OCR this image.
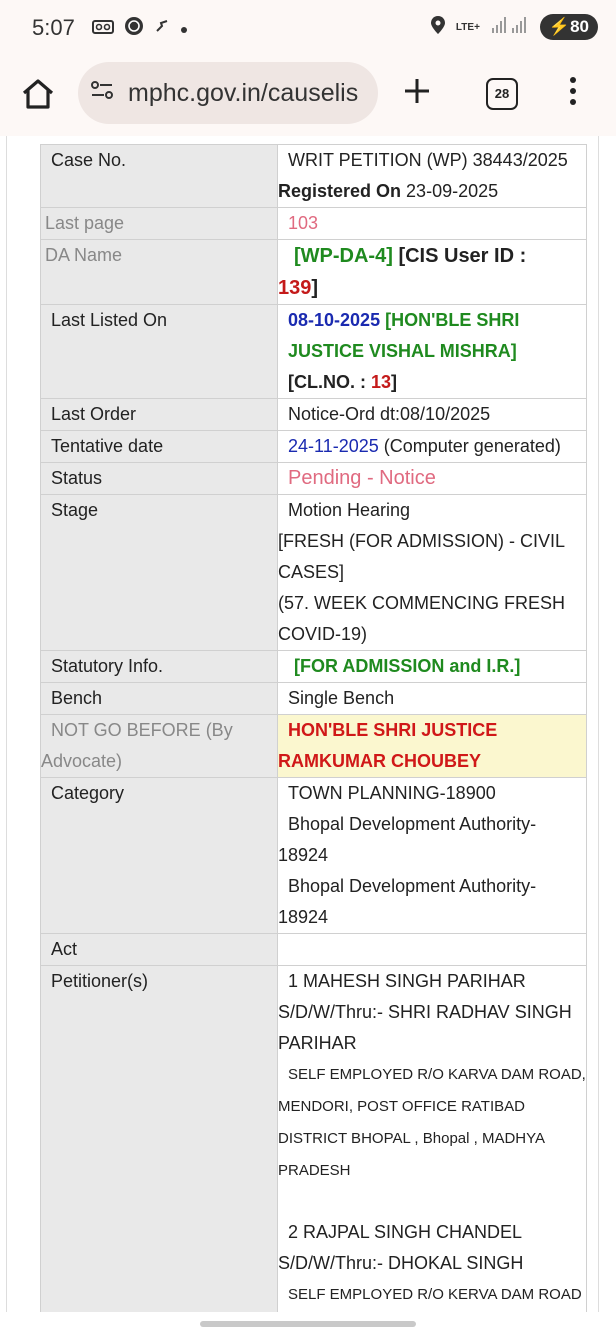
5:07	LTE+	⚡80
mphc.gov.in/causelis	28
Case No.	WRIT PETITION (WP) 38443/2025
Registered On 23-09-2025

Last page	103

DA Name	[WP-DA-4] [CIS User ID :
139]

Last Listed On	08-10-2025 [HON'BLE SHRI JUSTICE VISHAL MISHRA] [CL.NO. : 13]

Last Order	Notice-Ord dt:08/10/2025

Tentative date	24-11-2025 (Computer generated)

Status	Pending - Notice

Stage	Motion Hearing
[FRESH (FOR ADMISSION) - CIVIL CASES]
(57. WEEK COMMENCING FRESH COVID-19)

Statutory Info.	[FOR ADMISSION and I.R.]

Bench	Single Bench

NOT GO BEFORE (By Advocate)	HON'BLE SHRI JUSTICE RAMKUMAR CHOUBEY

Category	TOWN PLANNING-18900
Bhopal Development Authority-18924
Bhopal Development Authority-18924

Act	
Petitioner(s)	1 MAHESH SINGH PARIHAR S/D/W/Thru:- SHRI RADHAV SINGH PARIHAR
SELF EMPLOYED R/O KARVA DAM ROAD, MENDORI, POST OFFICE RATIBAD DISTRICT BHOPAL , Bhopal , MADHYA PRADESH
2 RAJPAL SINGH CHANDEL S/D/W/Thru:- DHOKAL SINGH
SELF EMPLOYED R/O KERVA DAM ROAD
